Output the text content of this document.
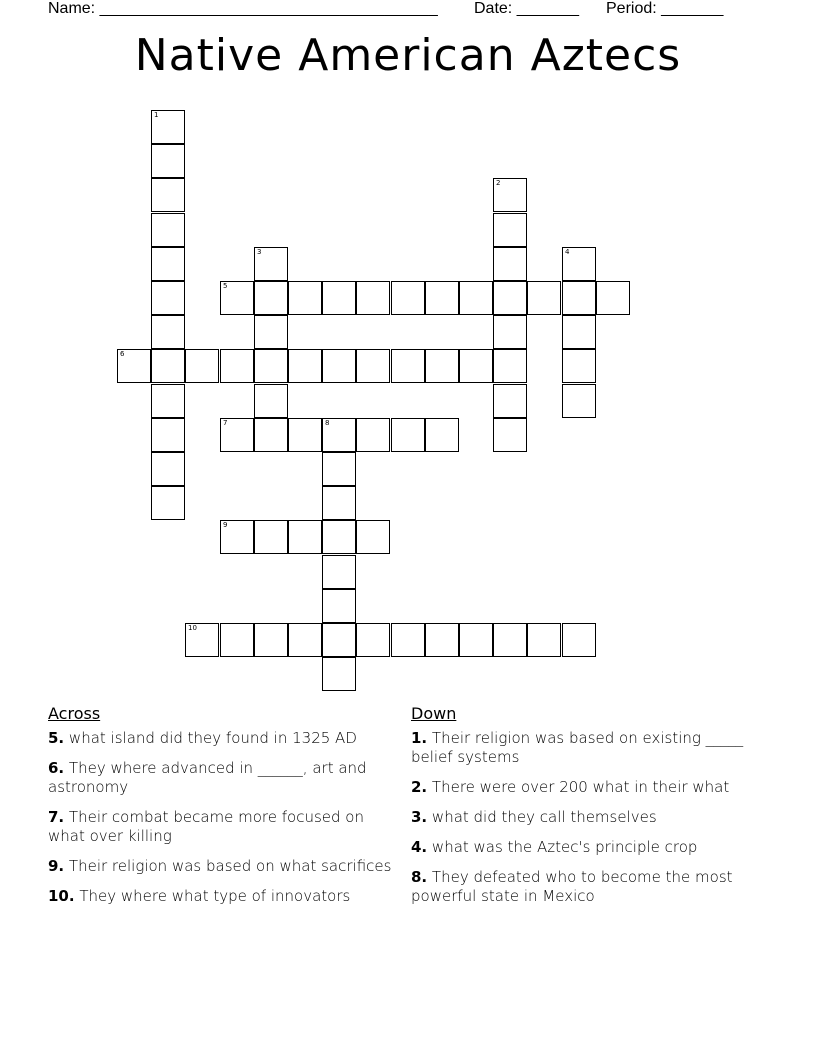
Name: ______________________________________ Date: _______ Period: _______
Native American Aztecs
1
2
3	4
5
6
7	8
9
10
Across
5. what island did they found in 1325 AD
6. They where advanced in ______, art and astronomy
7. Their combat became more focused on what over killing
9. Their religion was based on what sacrifices
10. They where what type of innovators
Down
1. Their religion was based on existing _____ belief systems
2. There were over 200 what in their what
3. what did they call themselves
4. what was the Aztec's principle crop
8. They defeated who to become the most powerful state in Mexico
